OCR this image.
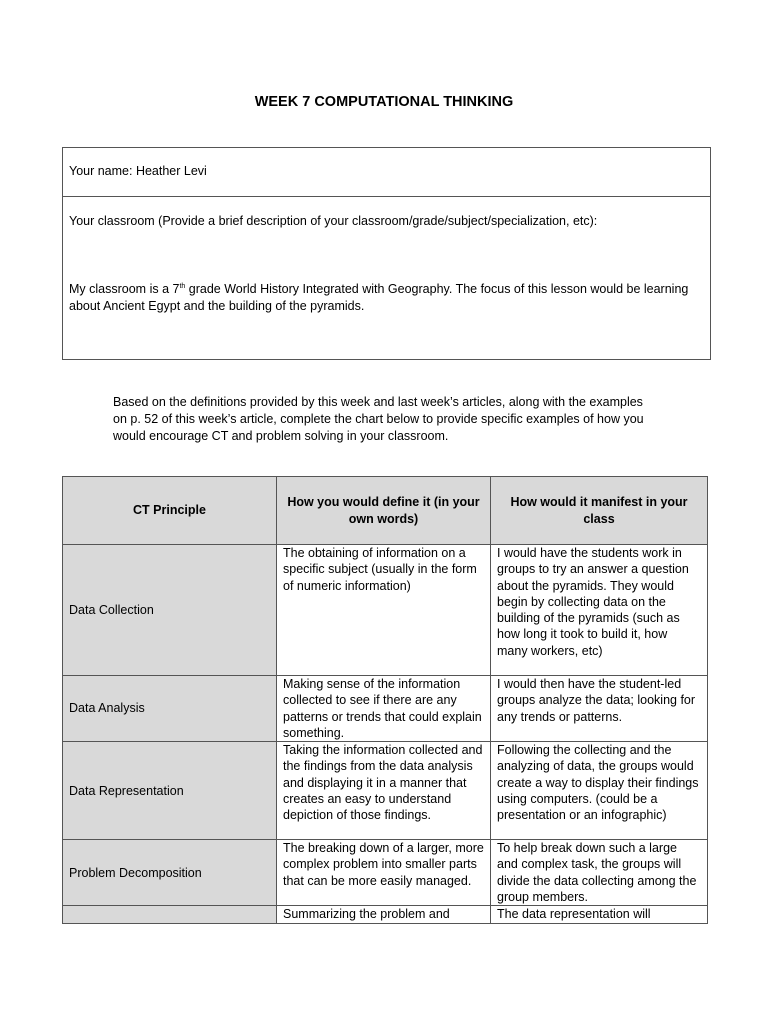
WEEK 7 COMPUTATIONAL THINKING
Your name: Heather Levi

Your classroom (Provide a brief description of your classroom/grade/subject/specialization, etc):

My classroom is a 7th grade World History Integrated with Geography. The focus of this lesson would be learning about Ancient Egypt and the building of the pyramids.

Based on the definitions provided by this week and last week’s articles, along with the examples on p. 52 of this week’s article, complete the chart below to provide specific examples of how you would encourage CT and problem solving in your classroom.

CT Principle	How you would define it (in your own words)	How would it manifest in your class
Data Collection	The obtaining of information on a specific subject (usually in the form of numeric information)	I would have the students work in groups to try an answer a question about the pyramids. They would begin by collecting data on the building of the pyramids (such as how long it took to build it, how many workers, etc)
Data Analysis	Making sense of the information collected to see if there are any patterns or trends that could explain something.	I would then have the student-led groups analyze the data; looking for any trends or patterns.
Data Representation	Taking the information collected and the findings from the data analysis and displaying it in a manner that creates an easy to understand depiction of those findings.	Following the collecting and the analyzing of data, the groups would create a way to display their findings using computers. (could be a presentation or an infographic)
Problem Decomposition	The breaking down of a larger, more complex problem into smaller parts that can be more easily managed.	To help break down such a large and complex task, the groups will divide the data collecting among the group members.
	Summarizing the problem and	The data representation will
